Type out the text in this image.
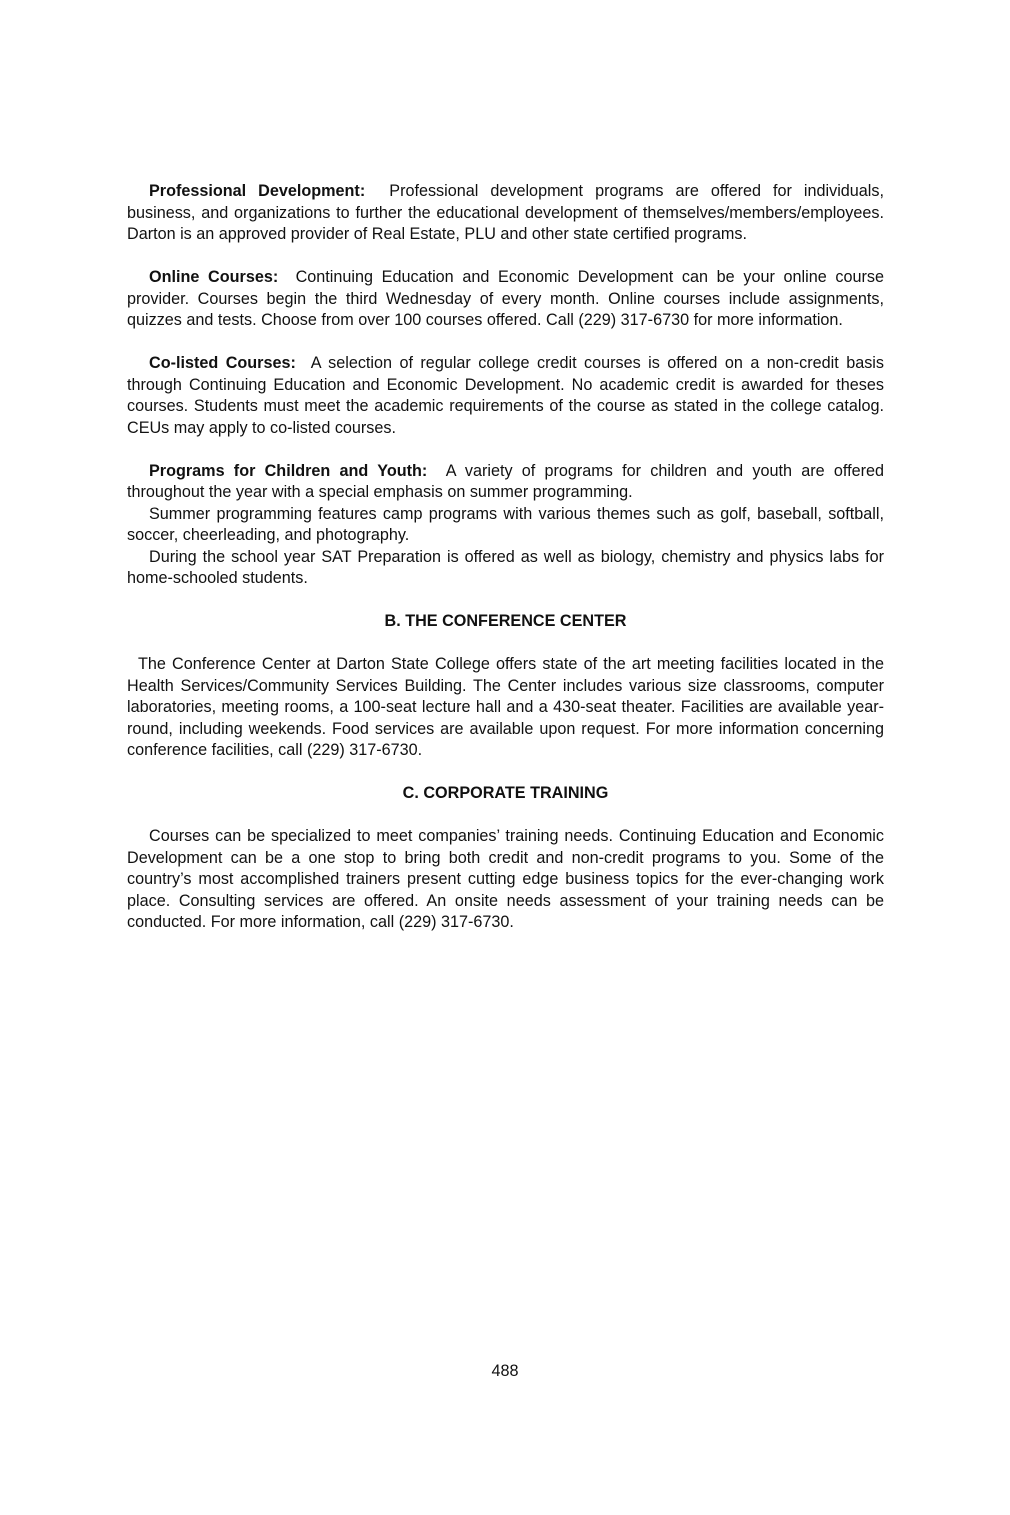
Professional Development: Professional development programs are offered for individuals, business, and organizations to further the educational development of themselves/members/employees. Darton is an approved provider of Real Estate, PLU and other state certified programs.

Online Courses: Continuing Education and Economic Development can be your online course provider. Courses begin the third Wednesday of every month. Online courses include assignments, quizzes and tests. Choose from over 100 courses offered. Call (229) 317-6730 for more information.

Co-listed Courses: A selection of regular college credit courses is offered on a non-credit basis through Continuing Education and Economic Development. No academic credit is awarded for theses courses. Students must meet the academic requirements of the course as stated in the college catalog. CEUs may apply to co-listed courses.

Programs for Children and Youth: A variety of programs for children and youth are offered throughout the year with a special emphasis on summer programming.

Summer programming features camp programs with various themes such as golf, baseball, softball, soccer, cheerleading, and photography.

During the school year SAT Preparation is offered as well as biology, chemistry and physics labs for home-schooled students.

B. THE CONFERENCE CENTER

The Conference Center at Darton State College offers state of the art meeting facilities located in the Health Services/Community Services Building. The Center includes various size classrooms, computer laboratories, meeting rooms, a 100-seat lecture hall and a 430-seat theater. Facilities are available year-round, including weekends. Food services are available upon request. For more information concerning conference facilities, call (229) 317-6730.

C. CORPORATE TRAINING

Courses can be specialized to meet companies’ training needs. Continuing Education and Economic Development can be a one stop to bring both credit and non-credit programs to you. Some of the country’s most accomplished trainers present cutting edge business topics for the ever-changing work place. Consulting services are offered. An onsite needs assessment of your training needs can be conducted. For more information, call (229) 317-6730.

488
